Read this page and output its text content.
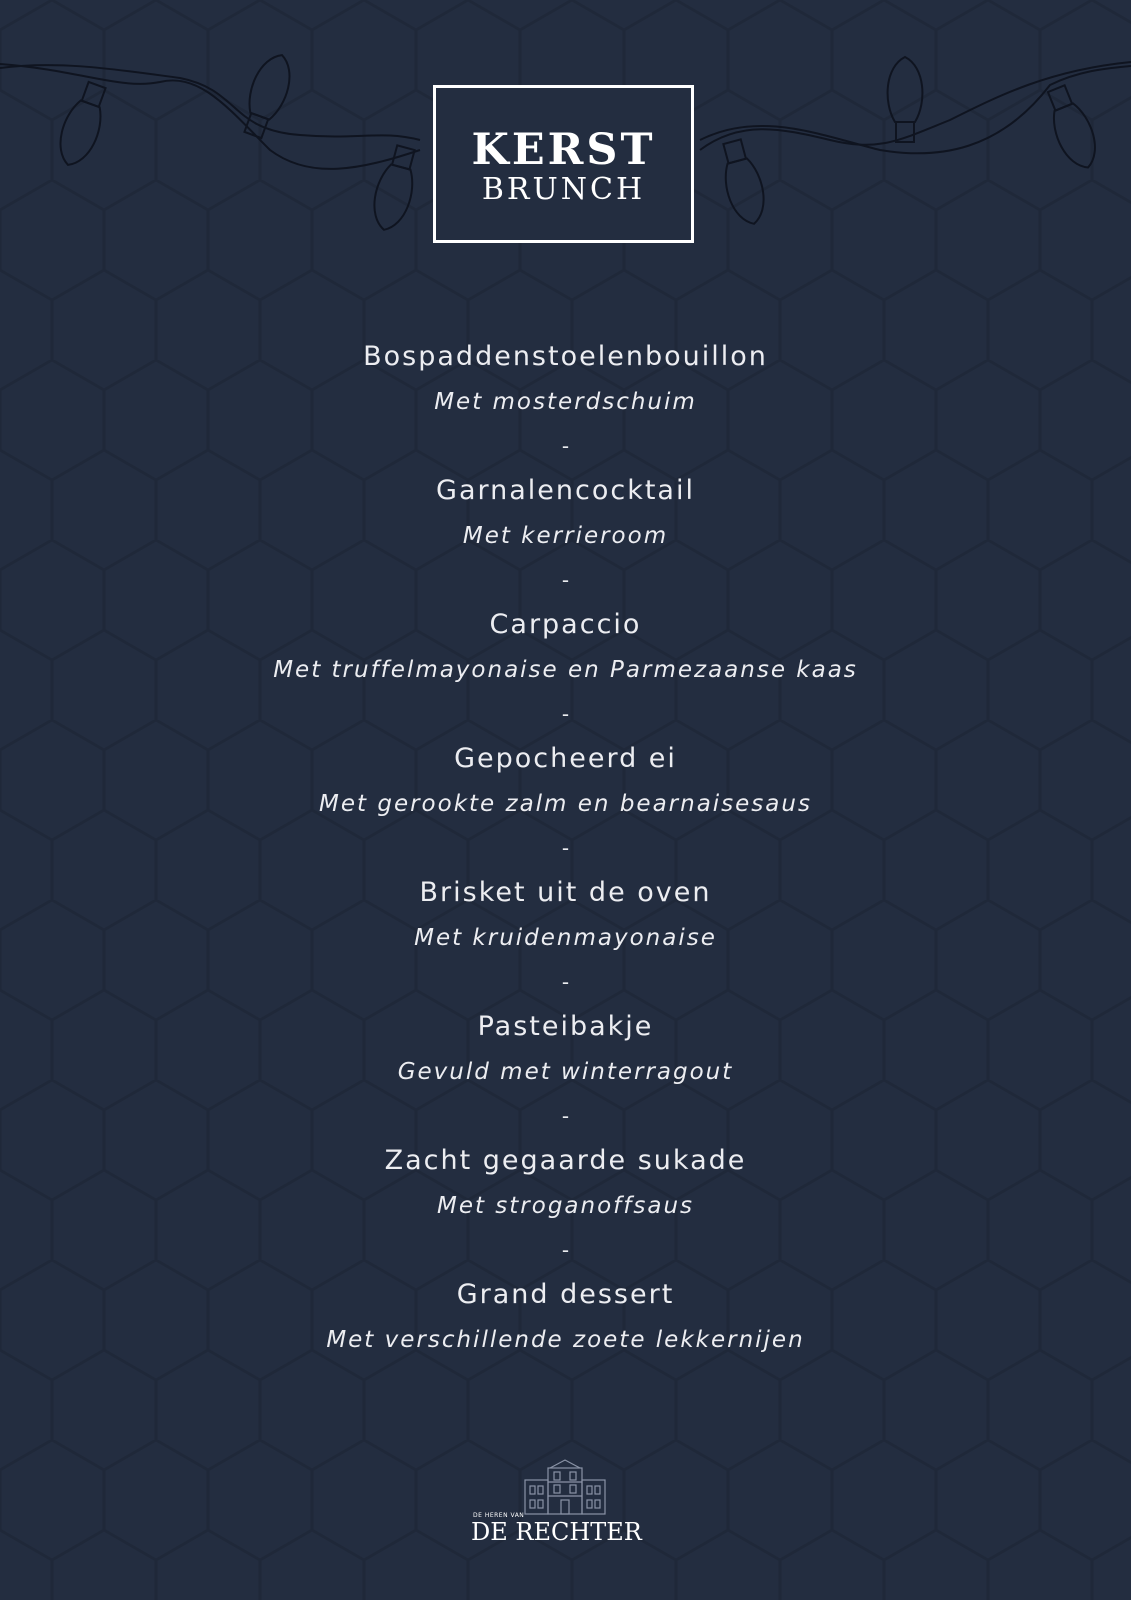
KERST
BRUNCH
Bospaddenstoelenbouillon
Met mosterdschuim
-
Garnalencocktail
Met kerrieroom
-
Carpaccio
Met truffelmayonaise en Parmezaanse kaas
-
Gepocheerd ei
Met gerookte zalm en bearnaisesaus
-
Brisket uit de oven
Met kruidenmayonaise
-
Pasteibakje
Gevuld met winterragout
-
Zacht gegaarde sukade
Met stroganoffsaus
-
Grand dessert
Met verschillende zoete lekkernijen
DE HEREN VAN
DE RECHTER
